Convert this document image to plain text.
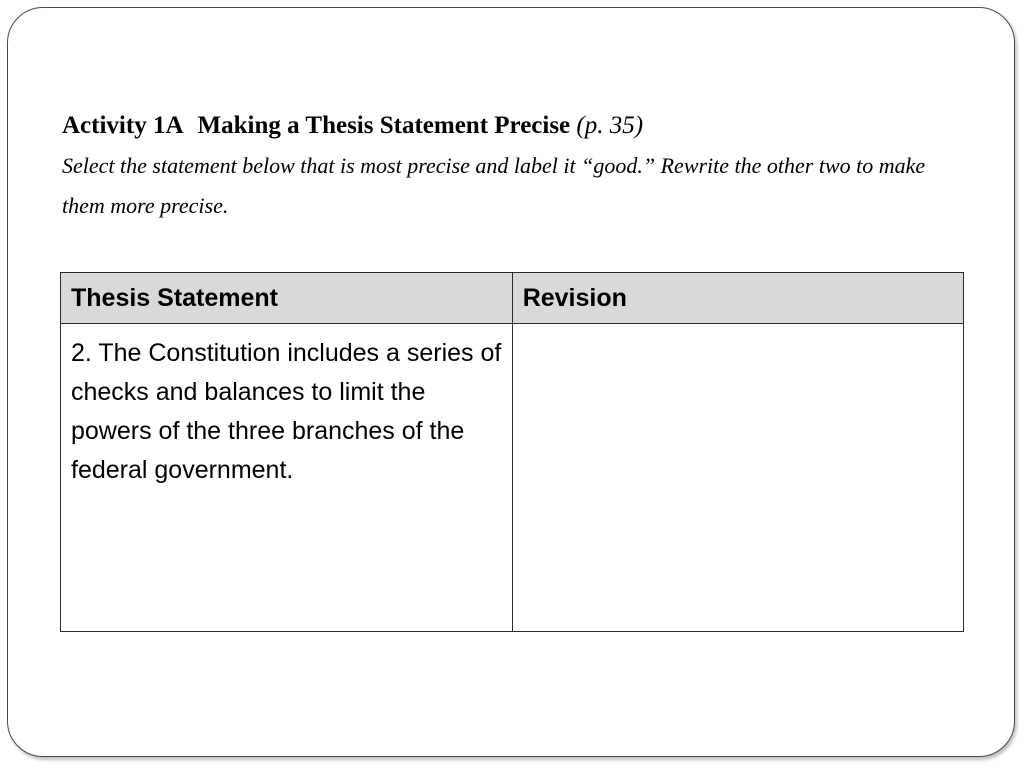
Activity 1A Making a Thesis Statement Precise (p. 35)
Select the statement below that is most precise and label it “good.” Rewrite the other two to make them more precise.
Thesis Statement	Revision
2. The Constitution includes a series of checks and balances to limit the powers of the three branches of the federal government.	
